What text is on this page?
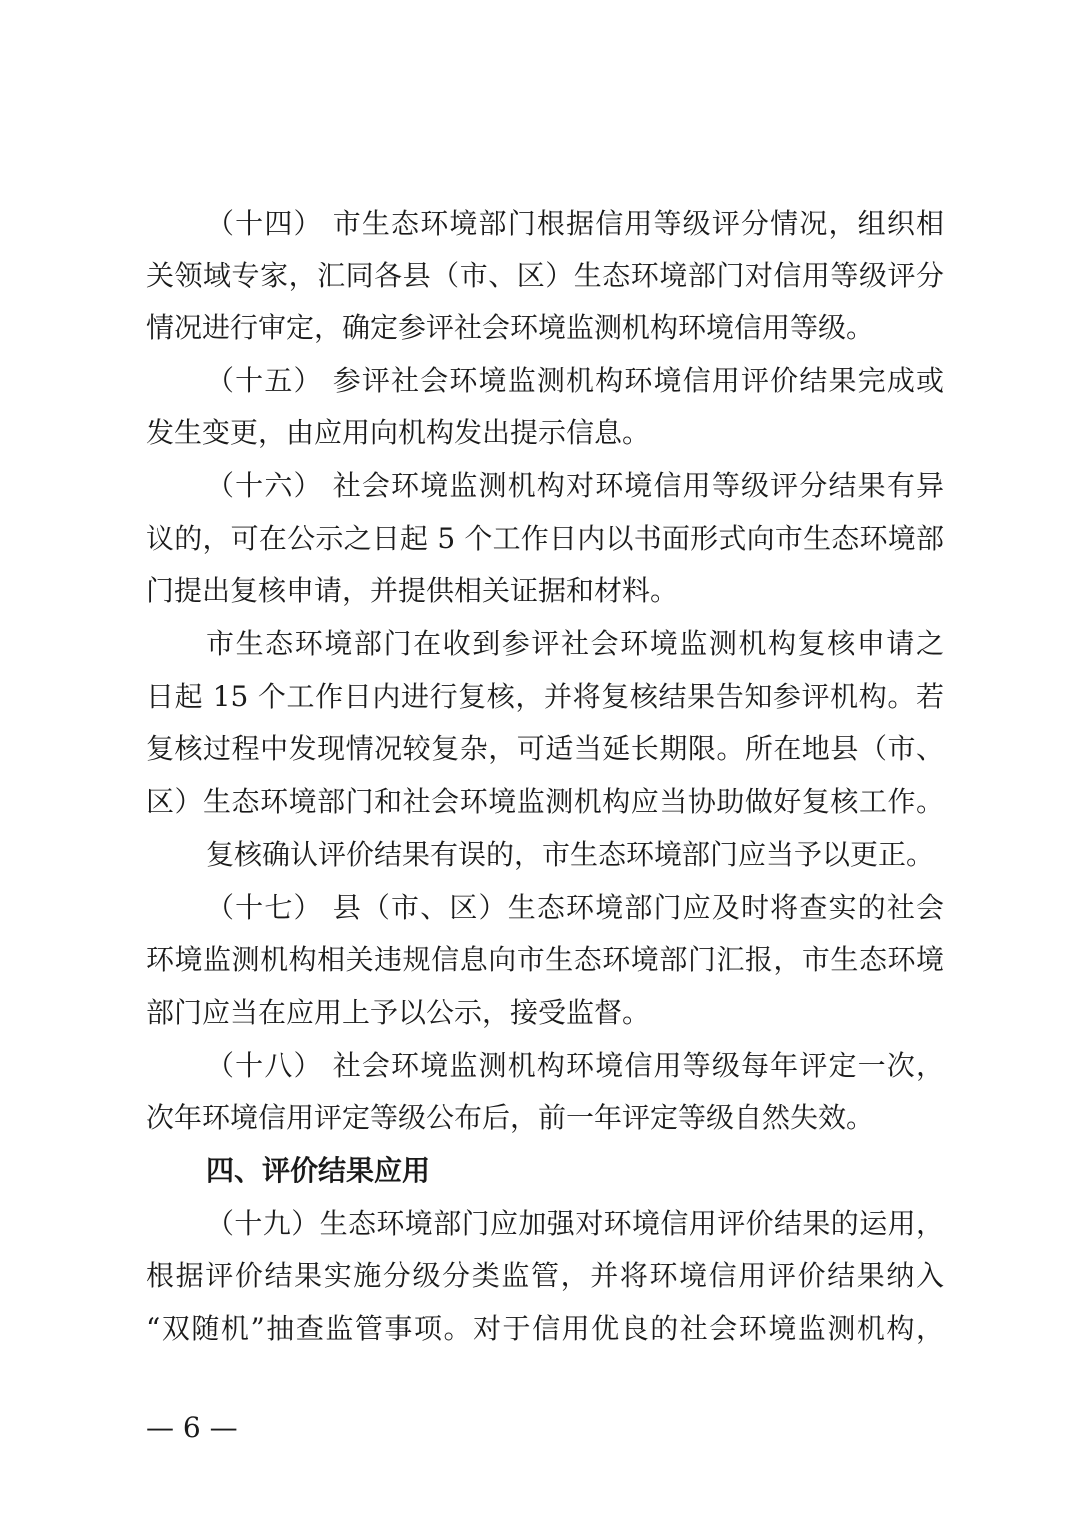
（十四） 市生态环境部门根据信用等级评分情况，组织相
关领域专家，汇同各县（市、区）生态环境部门对信用等级评分
情况进行审定，确定参评社会环境监测机构环境信用等级。
（十五） 参评社会环境监测机构环境信用评价结果完成或
发生变更，由应用向机构发出提示信息。
（十六） 社会环境监测机构对环境信用等级评分结果有异
议的，可在公示之日起 5 个工作日内以书面形式向市生态环境部
门提出复核申请，并提供相关证据和材料。
市生态环境部门在收到参评社会环境监测机构复核申请之
日起 15 个工作日内进行复核，并将复核结果告知参评机构。若
复核过程中发现情况较复杂，可适当延长期限。所在地县（市、
区）生态环境部门和社会环境监测机构应当协助做好复核工作。
复核确认评价结果有误的，市生态环境部门应当予以更正。
（十七） 县（市、区）生态环境部门应及时将查实的社会
环境监测机构相关违规信息向市生态环境部门汇报，市生态环境
部门应当在应用上予以公示，接受监督。
（十八） 社会环境监测机构环境信用等级每年评定一次，
次年环境信用评定等级公布后，前一年评定等级自然失效。
四、评价结果应用
（十九）生态环境部门应加强对环境信用评价结果的运用，
根据评价结果实施分级分类监管，并将环境信用评价结果纳入
“双随机”抽查监管事项。对于信用优良的社会环境监测机构，
— 6 —
